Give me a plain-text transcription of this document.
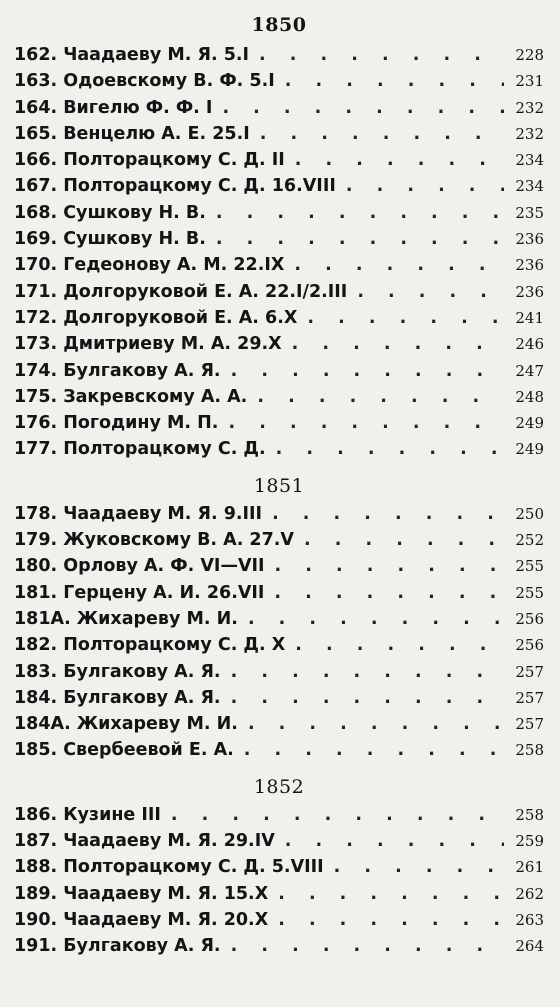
1850
162. Чаадаеву М. Я. 5.I . . .	228
163. Одоевскому В. Ф. 5.I . . .	231
164. Вигелю Ф. Ф. I . . .	232
165. Венцелю А. Е. 25.I . . .	232
166. Полторацкому С. Д. II . . .	234
167. Полторацкому С. Д. 16.VIII . . .	234
168. Сушкову Н. В. . . .	235
169. Сушкову Н. В. . . .	236
170. Гедеонову А. М. 22.IX . . .	236
171. Долгоруковой Е. А. 22.I/2.III . . .	236
172. Долгоруковой Е. А. 6.X . . .	241
173. Дмитриеву М. А. 29.X . . .	246
174. Булгакову А. Я. . . .	247
175. Закревскому А. А. . . .	248
176. Погодину М. П. . . .	249
177. Полторацкому С. Д. . . .	249
1851
178. Чаадаеву М. Я. 9.III . . .	250
179. Жуковскому В. А. 27.V . . .	252
180. Орлову А. Ф. VI—VII . . .	255
181. Герцену А. И. 26.VII . . .	255
181А. Жихареву М. И. . . .	256
182. Полторацкому С. Д. X . . .	256
183. Булгакову А. Я. . . .	257
184. Булгакову А. Я. . . .	257
184А. Жихареву М. И. . . .	257
185. Свербеевой Е. А. . . .	258
1852
186. Кузине III . . .	258
187. Чаадаеву М. Я. 29.IV . . .	259
188. Полторацкому С. Д. 5.VIII . . .	261
189. Чаадаеву М. Я. 15.X . . .	262
190. Чаадаеву М. Я. 20.X . . .	263
191. Булгакову А. Я. . . .	264
